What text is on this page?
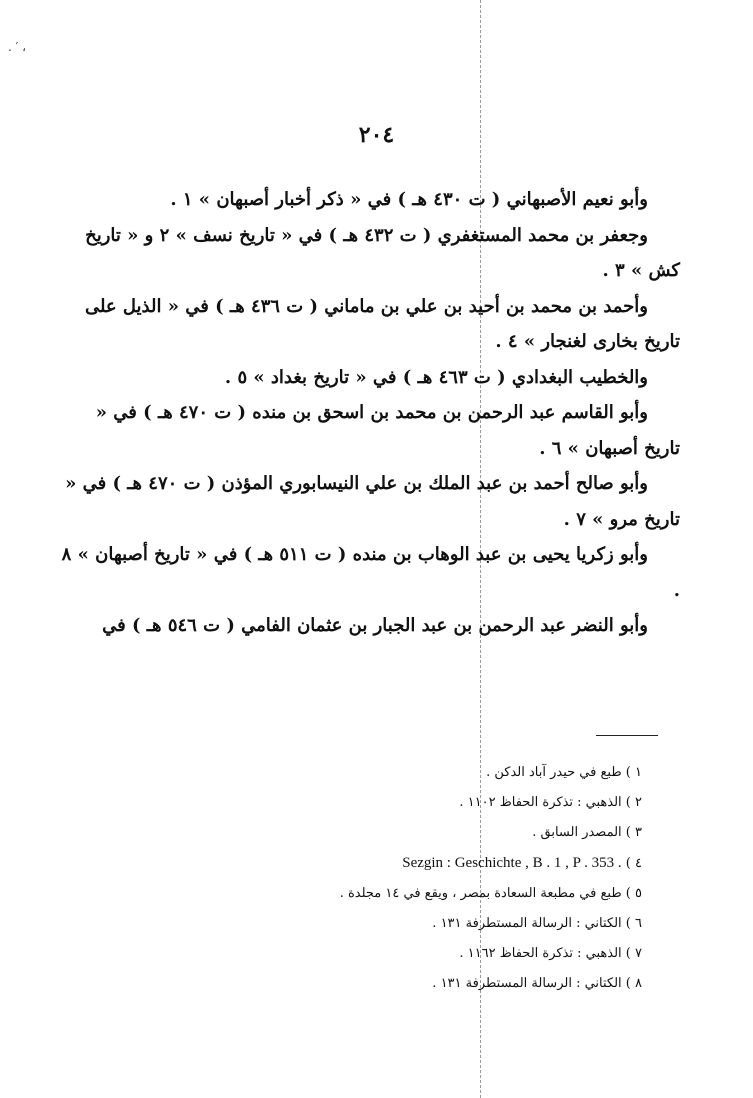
. ′ ،
٢٠٤

وأبو نعيم الأصبهاني ( ت ٤٣٠ هـ ) في « ذكر أخبار أصبهان » ١ .

وجعفر بن محمد المستغفري ( ت ٤٣٢ هـ ) في « تاريخ نسف » ٢ و « تاريخ كش » ٣ .

وأحمد بن محمد بن أحيد بن علي بن ماماني ( ت ٤٣٦ هـ ) في « الذيل على تاريخ بخارى لغنجار » ٤ .

والخطيب البغدادي ( ت ٤٦٣ هـ ) في « تاريخ بغداد » ٥ .

وأبو القاسم عبد الرحمن بن محمد بن اسحق بن منده ( ت ٤٧٠ هـ ) في « تاريخ أصبهان » ٦ .

وأبو صالح أحمد بن عبد الملك بن علي النيسابوري المؤذن ( ت ٤٧٠ هـ ) في « تاريخ مرو » ٧ .

وأبو زكريا يحيى بن عبد الوهاب بن منده ( ت ٥١١ هـ ) في « تاريخ أصبهان » ٨ .

وأبو النضر عبد الرحمن بن عبد الجبار بن عثمان الفامي ( ت ٥٤٦ هـ ) في

١ ) طبع في حيدر آباد الدكن .
٢ ) الذهبي : تذكرة الحفاظ ١١٠٢ .
٣ ) المصدر السابق .
٤ ) Sezgin : Geschichte , B . 1 , P . 353 .
٥ ) طبع في مطبعة السعادة بمصر ، ويقع في ١٤ مجلدة .
٦ ) الكتاني : الرسالة المستطرفة ١٣١ .
٧ ) الذهبي : تذكرة الحفاظ ١١٦٢ .
٨ ) الكتاني : الرسالة المستطرفة ١٣١ .
